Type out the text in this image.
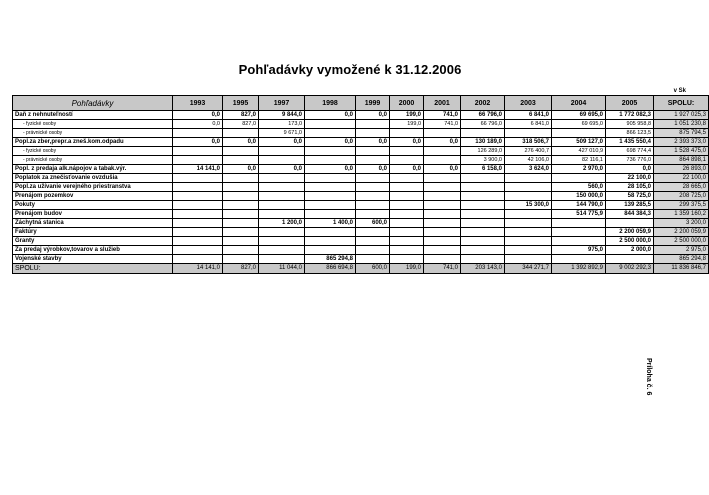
Pohľadávky vymožené k 31.12.2006
v Sk
Príloha č. 6
Pohľadávky	1993	1995	1997	1998	1999	2000	2001	2002	2003	2004	2005	SPOLU:
Daň z nehnuteľností	0,0	827,0	9 844,0	0,0	0,0	199,0	741,0	66 796,0	6 841,0	69 695,0	1 772 082,3	1 927 025,3
- fyzické osoby	0,0	827,0	173,0			199,0	741,0	66 796,0	6 841,0	69 695,0	905 958,8	1 051 230,8
- právnické osoby			9 671,0								866 123,5	875 794,5
Popl.za zber,prepr.a zneš.kom.odpadu	0,0	0,0	0,0	0,0	0,0	0,0	0,0	130 189,0	318 506,7	509 127,0	1 435 550,4	2 393 373,0
- fyzické osoby								126 289,0	276 400,7	427 010,9	698 774,4	1 528 475,0
- právnické osoby								3 900,0	42 106,0	82 116,1	736 776,0	864 898,1
Popl. z predaja alk.nápojov a tabak.výr.	14 141,0	0,0	0,0	0,0	0,0	0,0	0,0	6 158,0	3 624,0	2 970,0	0,0	26 893,0
Poplatok za znečisťovanie ovzdušia											22 100,0	22 100,0
Popl.za užívanie verejného priestranstva										560,0	28 105,0	28 665,0
Prenájom pozemkov										150 000,0	58 725,0	208 725,0
Pokuty									15 300,0	144 790,0	139 285,5	299 375,5
Prenájom budov										514 775,9	844 384,3	1 359 160,2
Záchytná stanica			1 200,0	1 400,0	600,0							3 200,0
Faktúry											2 200 059,9	2 200 059,9
Granty											2 500 000,0	2 500 000,0
Za predaj výrobkov,tovarov a služieb										975,0	2 000,0	2 975,0
Vojenské stavby				865 294,8								865 294,8
SPOLU:	14 141,0	827,0	11 044,0	866 694,8	600,0	199,0	741,0	203 143,0	344 271,7	1 392 892,9	9 002 292,3	11 836 846,7
